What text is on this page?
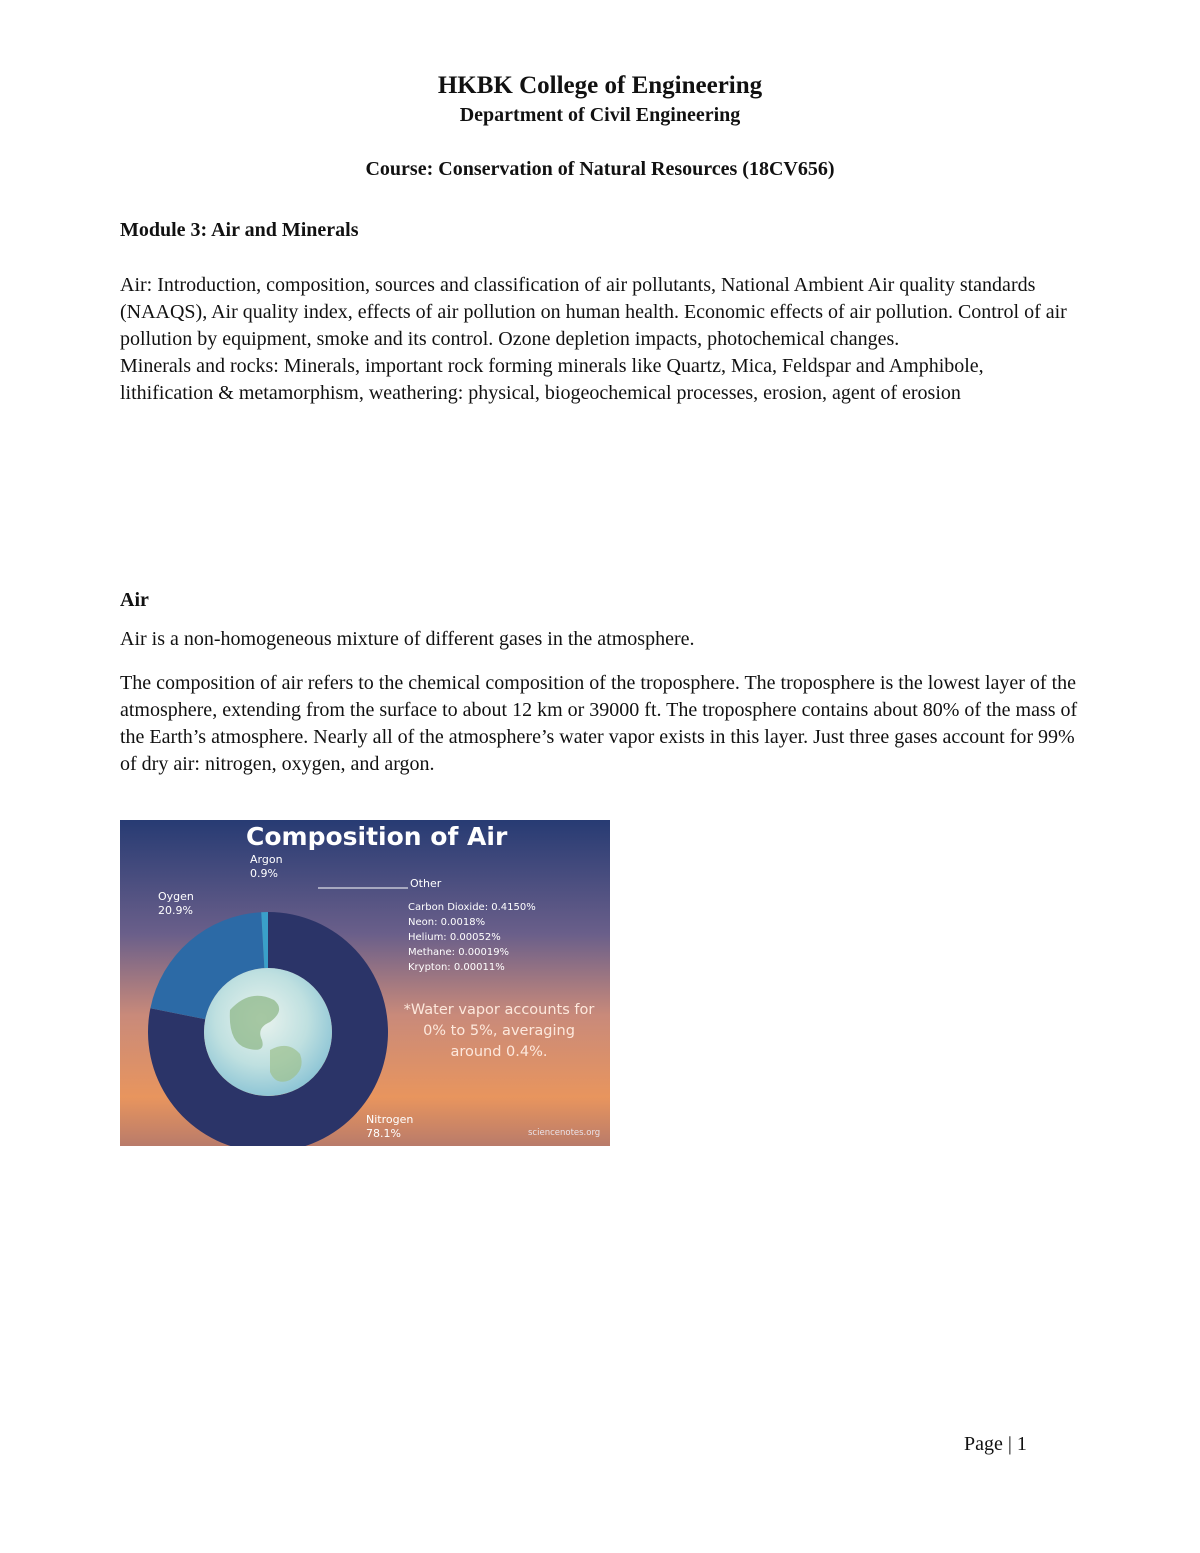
HKBK College of Engineering
Department of Civil Engineering
Course: Conservation of Natural Resources (18CV656)
Module 3: Air and Minerals

Air: Introduction, composition, sources and classification of air pollutants, National Ambient Air quality standards (NAAQS), Air quality index, effects of air pollution on human health. Economic effects of air pollution. Control of air pollution by equipment, smoke and its control. Ozone depletion impacts, photochemical changes.

Minerals and rocks: Minerals, important rock forming minerals like Quartz, Mica, Feldspar and Amphibole, lithification & metamorphism, weathering: physical, biogeochemical processes, erosion, agent of erosion

Air

Air is a non-homogeneous mixture of different gases in the atmosphere.

The composition of air refers to the chemical composition of the troposphere. The troposphere is the lowest layer of the atmosphere, extending from the surface to about 12 km or 39000 ft. The troposphere contains about 80% of the mass of the Earth’s atmosphere. Nearly all of the atmosphere’s water vapor exists in this layer. Just three gases account for 99% of dry air: nitrogen, oxygen, and argon.

Composition of Air
Argon
0.9%
Oygen
20.9%
Nitrogen
78.1%
Other
Carbon Dioxide: 0.4150%
Neon: 0.0018%
Helium: 0.00052%
Methane: 0.00019%
Krypton: 0.00011%
*Water vapor accounts for 0% to 5%, averaging around 0.4%.
sciencenotes.org
Page | 1
